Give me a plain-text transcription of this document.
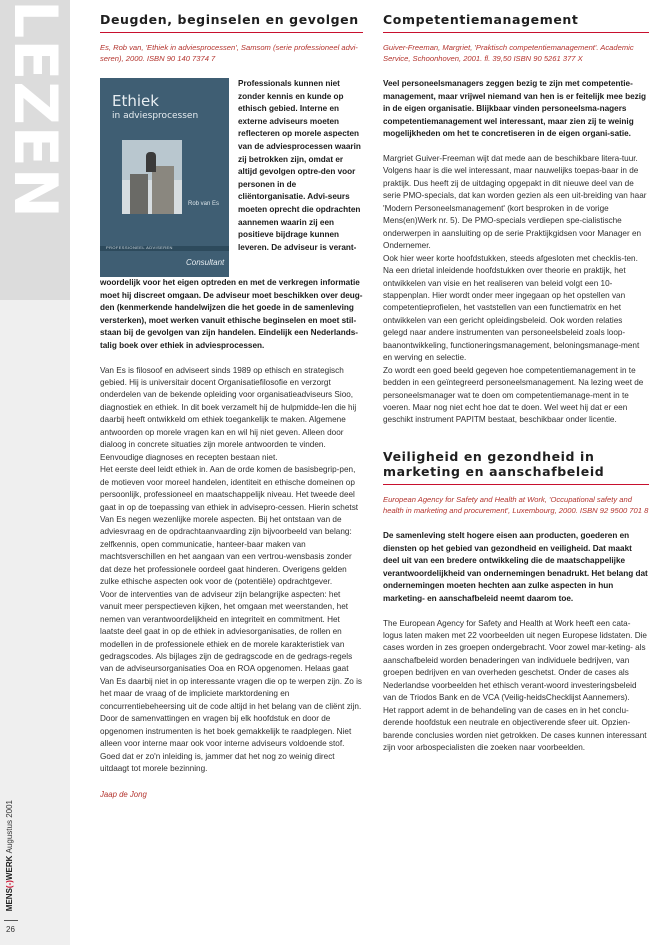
LEZEN
MENS(-)WERK Augustus 2001
26
Deugden, beginselen en gevolgen
Es, Rob van, 'Ethiek in adviesprocessen', Samsom (serie professioneel advi-seren), 2000. ISBN 90 140 7374 7
Ethiek
in adviesprocessen
Rob van Es
PROFESSIONEEL ADVISEREN
Consultant
Professionals kunnen niet zonder kennis en kunde op ethisch gebied. Interne en externe adviseurs moeten reflecteren op morele aspecten van de adviesprocessen waarin zij betrokken zijn, omdat er altijd gevolgen optre-den voor personen in de cliëntorganisatie. Advi-seurs moeten oprecht die opdrachten aannemen waarin zij een positieve bijdrage kunnen leveren. De adviseur is verant-
woordelijk voor het eigen optreden en met de verkregen informatie moet hij discreet omgaan. De adviseur moet beschikken over deug-den (kenmerkende handelwijzen die het goede in de samenleving versterken), moet werken vanuit ethische beginselen en moet stil-staan bij de gevolgen van zijn handelen. Eindelijk een Nederlands-talig boek over ethiek in adviesprocessen.

Van Es is filosoof en adviseert sinds 1989 op ethisch en strategisch gebied. Hij is universitair docent Organisatiefilosofie en verzorgt onderdelen van de bekende opleiding voor organisatieadviseurs Sioo, diagnostiek en ethiek. In dit boek verzamelt hij de hulpmidde-len die hij daarbij heeft ontwikkeld om ethiek toegankelijk te maken. Algemene antwoorden op morele vragen kan en wil hij niet geven. Alleen door dialoog in concrete situaties zijn morele antwoorden te vinden. Eenvoudige diagnoses en recepten bestaan niet.

Het eerste deel leidt ethiek in. Aan de orde komen de basisbegrip-pen, de motieven voor moreel handelen, identiteit en ethische domeinen op persoonlijk, professioneel en maatschappelijk niveau. Het tweede deel gaat in op de toepassing van ethiek in advisepro-cessen. Hierin schetst Van Es negen wezenlijke morele aspecten. Bij het ontstaan van de adviesvraag en de opdrachtaanvaarding zijn bijvoorbeeld van belang: zelfkennis, open communicatie, hanteer-baar maken van machtsverschillen en het aangaan van een vertrou-wensbasis zonder dat deze het professionele oordeel gaat hinderen. Overigens gelden zulke ethische aspecten ook voor de (potentiële) opdrachtgever.

Voor de interventies van de adviseur zijn belangrijke aspecten: het vanuit meer perspectieven kijken, het omgaan met weerstanden, het nemen van verantwoordelijkheid en integriteit en commitment. Het laatste deel gaat in op de ethiek in adviesorganisaties, de rollen en modellen in de professionele ethiek en de morele karakteristiek van gedragscodes. Als bijlages zijn de gedragscode en de gedrags-regels van de adviseursorganisaties Ooa en ROA opgenomen. Helaas gaat Van Es daarbij niet in op interessante vragen die op te werpen zijn. Zo is het maar de vraag of de impliciete marktordening en concurrentiebeheersing uit de code altijd in het belang van de cliënt zijn.

Door de samenvattingen en vragen bij elk hoofdstuk en door de opgenomen instrumenten is het boek gemakkelijk te raadplegen. Niet alleen voor interne maar ook voor interne adviseurs voldoende stof. Goed dat er zo'n inleiding is, jammer dat het nog zo weinig direct uitdaagt tot morele bezinning.

Jaap de Jong
Competentiemanagement
Guiver-Freeman, Margriet, 'Praktisch competentiemanagement'. Academic Service, Schoonhoven, 2001. fl. 39,50 ISBN 90 5261 377 X
Veel personeelsmanagers zeggen bezig te zijn met competentie-management, maar vrijwel niemand van hen is er feitelijk mee bezig in de eigen organisatie. Blijkbaar vinden personeelsma-nagers competentiemanagement wel interessant, maar zien zij te weinig mogelijkheden om het te concretiseren in de eigen organi-satie.

Margriet Guiver-Freeman wijt dat mede aan de beschikbare litera-tuur. Volgens haar is die wel interessant, maar nauwelijks toepas-baar in de praktijk. Dus heeft zij de uitdaging opgepakt in dit nieuwe deel van de serie PMO-specials, dat kan worden gezien als een uit-breiding van haar 'Modern Personeelsmanagement' (kort besproken in de vorige Mens(en)Werk nr. 5). De PMO-specials verdiepen spe-cialistische onderwerpen in aansluiting op de serie Praktijkgidsen voor Manager en Ondernemer.

Ook hier weer korte hoofdstukken, steeds afgesloten met checklis-ten. Na een drietal inleidende hoofdstukken over theorie en praktijk, het ontwikkelen van visie en het realiseren van beleid volgt een 10-stappenplan. Hier wordt onder meer ingegaan op het opstellen van competentieprofielen, het vaststellen van een functiematrix en het ontwikkelen van een gericht opleidingsbeleid. Ook worden relaties gelegd naar andere instrumenten van personeelsbeleid zoals loop-baanontwikkeling, functioneringsmanagement, beloningsmanage-ment en werving en selectie.

Zo wordt een goed beeld gegeven hoe competentiemanagement in te bedden in een geïntegreerd personeelsmanagement. Na lezing weet de personeelsmanager wat te doen om competentiemanage-ment in te voeren. Maar nog niet echt hoe dat te doen. Wel weet hij dat er een geschikt instrument PAPITM bestaat, beschikbaar onder licentie.

Veiligheid en gezondheid in marketing en aanschafbeleid
European Agency for Safety and Health at Work, 'Occupational safety and health in marketing and procurement', Luxembourg, 2000. ISBN 92 9500 701 8
De samenleving stelt hogere eisen aan producten, goederen en diensten op het gebied van gezondheid en veiligheid. Dat maakt deel uit van een bredere ontwikkeling die de maatschappelijke verantwoordelijkheid van ondernemingen benadrukt. Het belang dat ondernemingen moeten hechten aan zulke aspecten in hun marketing- en aanschafbeleid neemt daarom toe.

The European Agency for Safety and Health at Work heeft een cata-logus laten maken met 22 voorbeelden uit negen Europese lidstaten. Die cases worden in zes groepen ondergebracht. Voor zowel mar-keting- als aanschafbeleid worden benaderingen van individuele bedrijven, van groepen bedrijven en van overheden geschetst. Onder de cases als Nederlandse voorbeelden het ethisch verant-woord investeringsbeleid van de Triodos Bank en de VCA (Veilig-heidsChecklijst Aannemers).

Het rapport ademt in de behandeling van de cases en in het conclu-derende hoofdstuk een neutrale en objectiverende sfeer uit. Opzien-barende conclusies worden niet getrokken. De cases kunnen interessant zijn voor arbospecialisten die zoeken naar voorbeelden.
